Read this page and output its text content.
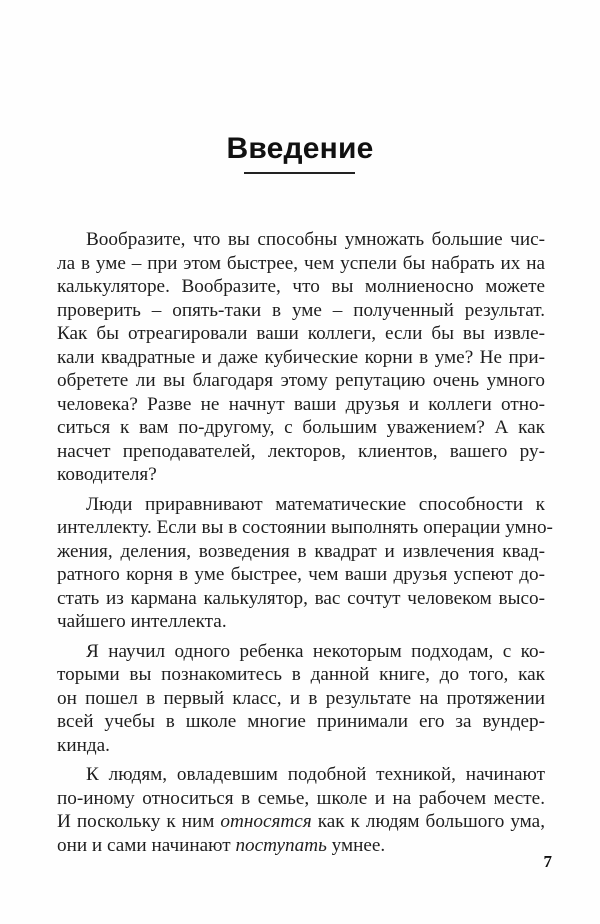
Введение
Вообразите, что вы способны умножать большие чис-
ла в уме – при этом быстрее, чем успели бы набрать их на
калькуляторе. Вообразите, что вы молниеносно можете
проверить – опять-таки в уме – полученный результат.
Как бы отреагировали ваши коллеги, если бы вы извле-
кали квадратные и даже кубические корни в уме? Не при-
обретете ли вы благодаря этому репутацию очень умного
человека? Разве не начнут ваши друзья и коллеги отно-
ситься к вам по-другому, с большим уважением? А как
насчет преподавателей, лекторов, клиентов, вашего ру-
ководителя?
Люди приравнивают математические способности к
интеллекту. Если вы в состоянии выполнять операции умно-
жения, деления, возведения в квадрат и извлечения квад-
ратного корня в уме быстрее, чем ваши друзья успеют до-
стать из кармана калькулятор, вас сочтут человеком высо-
чайшего интеллекта.
Я научил одного ребенка некоторым подходам, с ко-
торыми вы познакомитесь в данной книге, до того, как
он пошел в первый класс, и в результате на протяжении
всей учебы в школе многие принимали его за вундер-
кинда.
К людям, овладевшим подобной техникой, начинают
по-иному относиться в семье, школе и на рабочем месте.
И поскольку к ним относятся как к людям большого ума,
они и сами начинают поступать умнее.
7
